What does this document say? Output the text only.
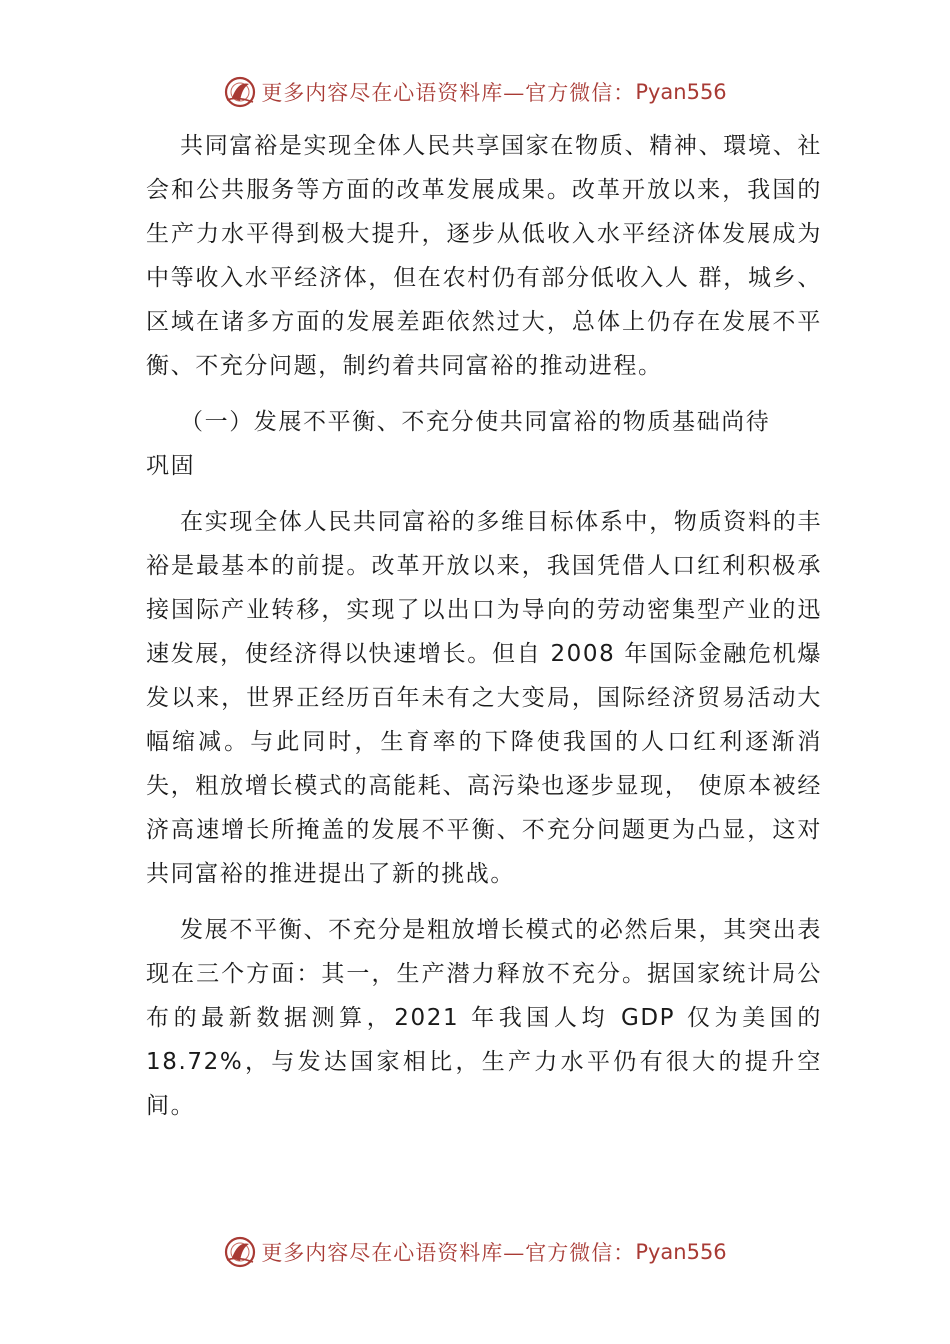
更多内容尽在心语资料库—官方微信： Pyan556

共同富裕是实现全体人民共享国家在物质、精神、環境、社会和公共服务等方面的改革发展成果。改革开放以来，我国的生产力水平得到极大提升，逐步从低收入水平经济体发展成为中等收入水平经济体，但在农村仍有部分低收入人 群，城乡、区域在诸多方面的发展差距依然过大，总体上仍存在发展不平衡、不充分问题，制约着共同富裕的推动进程。

（一）发展不平衡、不充分使共同富裕的物质基础尚待巩固

在实现全体人民共同富裕的多维目标体系中，物质资料的丰裕是最基本的前提。改革开放以来，我国凭借人口红利积极承接国际产业转移，实现了以出口为导向的劳动密集型产业的迅速发展，使经济得以快速增长。但自 2008 年国际金融危机爆发以来，世界正经历百年未有之大变局，国际经济贸易活动大幅缩减。与此同时，生育率的下降使我国的人口红利逐渐消失，粗放增长模式的高能耗、高污染也逐步显现， 使原本被经济高速增长所掩盖的发展不平衡、不充分问题更为凸显，这对共同富裕的推进提出了新的挑战。

发展不平衡、不充分是粗放增长模式的必然后果，其突出表现在三个方面：其一，生产潜力释放不充分。据国家统计局公布的最新数据测算，2021 年我国人均 GDP 仅为美国的 18.72%，与发达国家相比，生产力水平仍有很大的提升空间。

更多内容尽在心语资料库—官方微信： Pyan556
